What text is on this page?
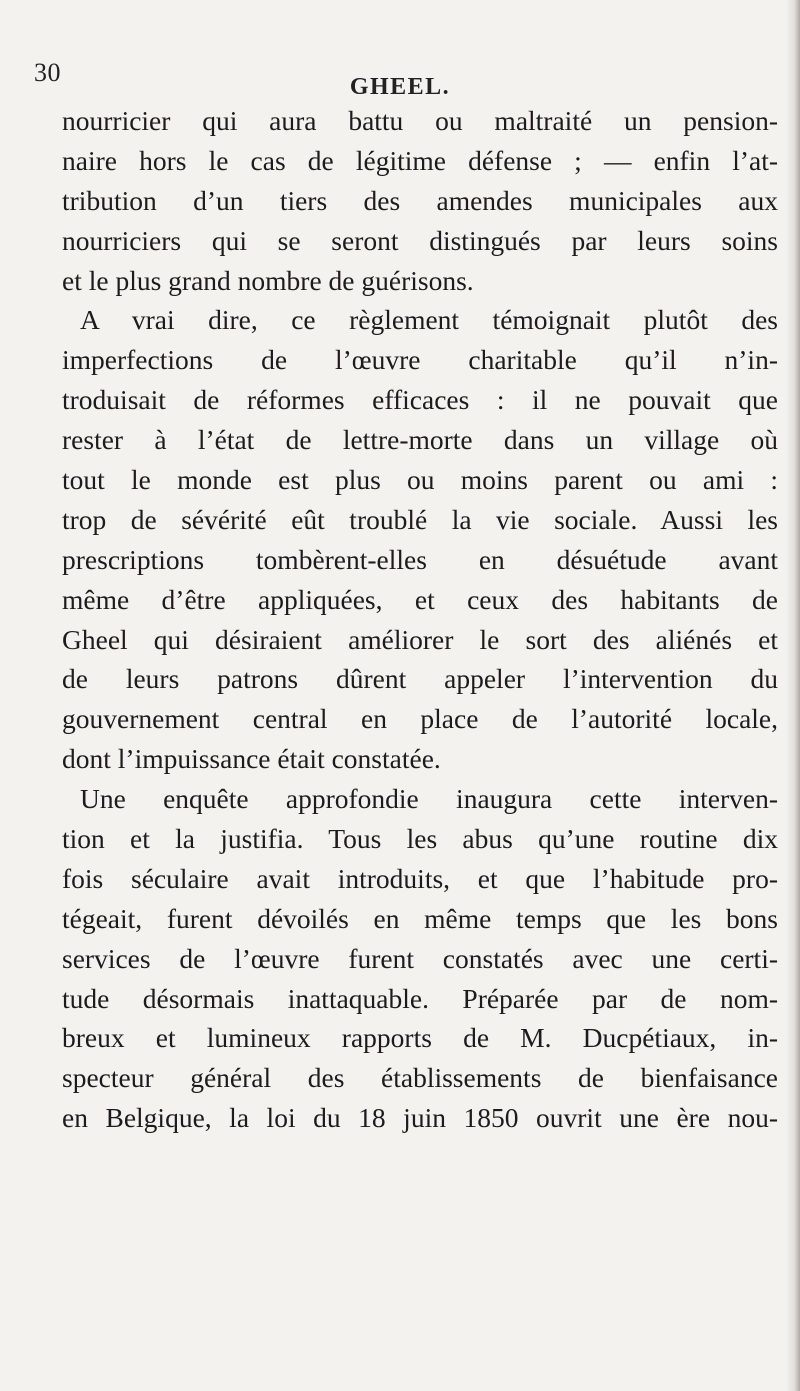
30	GHEEL.
nourricier qui aura battu ou maltraité un pension-
naire hors le cas de légitime défense ; — enfin l’at-
tribution d’un tiers des amendes municipales aux
nourriciers qui se seront distingués par leurs soins
et le plus grand nombre de guérisons.
A vrai dire, ce règlement témoignait plutôt des
imperfections de l’œuvre charitable qu’il n’in-
troduisait de réformes efficaces : il ne pouvait que
rester à l’état de lettre-morte dans un village où
tout le monde est plus ou moins parent ou ami :
trop de sévérité eût troublé la vie sociale. Aussi les
prescriptions tombèrent-elles en désuétude avant
même d’être appliquées, et ceux des habitants de
Gheel qui désiraient améliorer le sort des aliénés et
de leurs patrons dûrent appeler l’intervention du
gouvernement central en place de l’autorité locale,
dont l’impuissance était constatée.
Une enquête approfondie inaugura cette interven-
tion et la justifia. Tous les abus qu’une routine dix
fois séculaire avait introduits, et que l’habitude pro-
tégeait, furent dévoilés en même temps que les bons
services de l’œuvre furent constatés avec une certi-
tude désormais inattaquable. Préparée par de nom-
breux et lumineux rapports de M. Ducpétiaux, in-
specteur général des établissements de bienfaisance
en Belgique, la loi du 18 juin 1850 ouvrit une ère nou-
